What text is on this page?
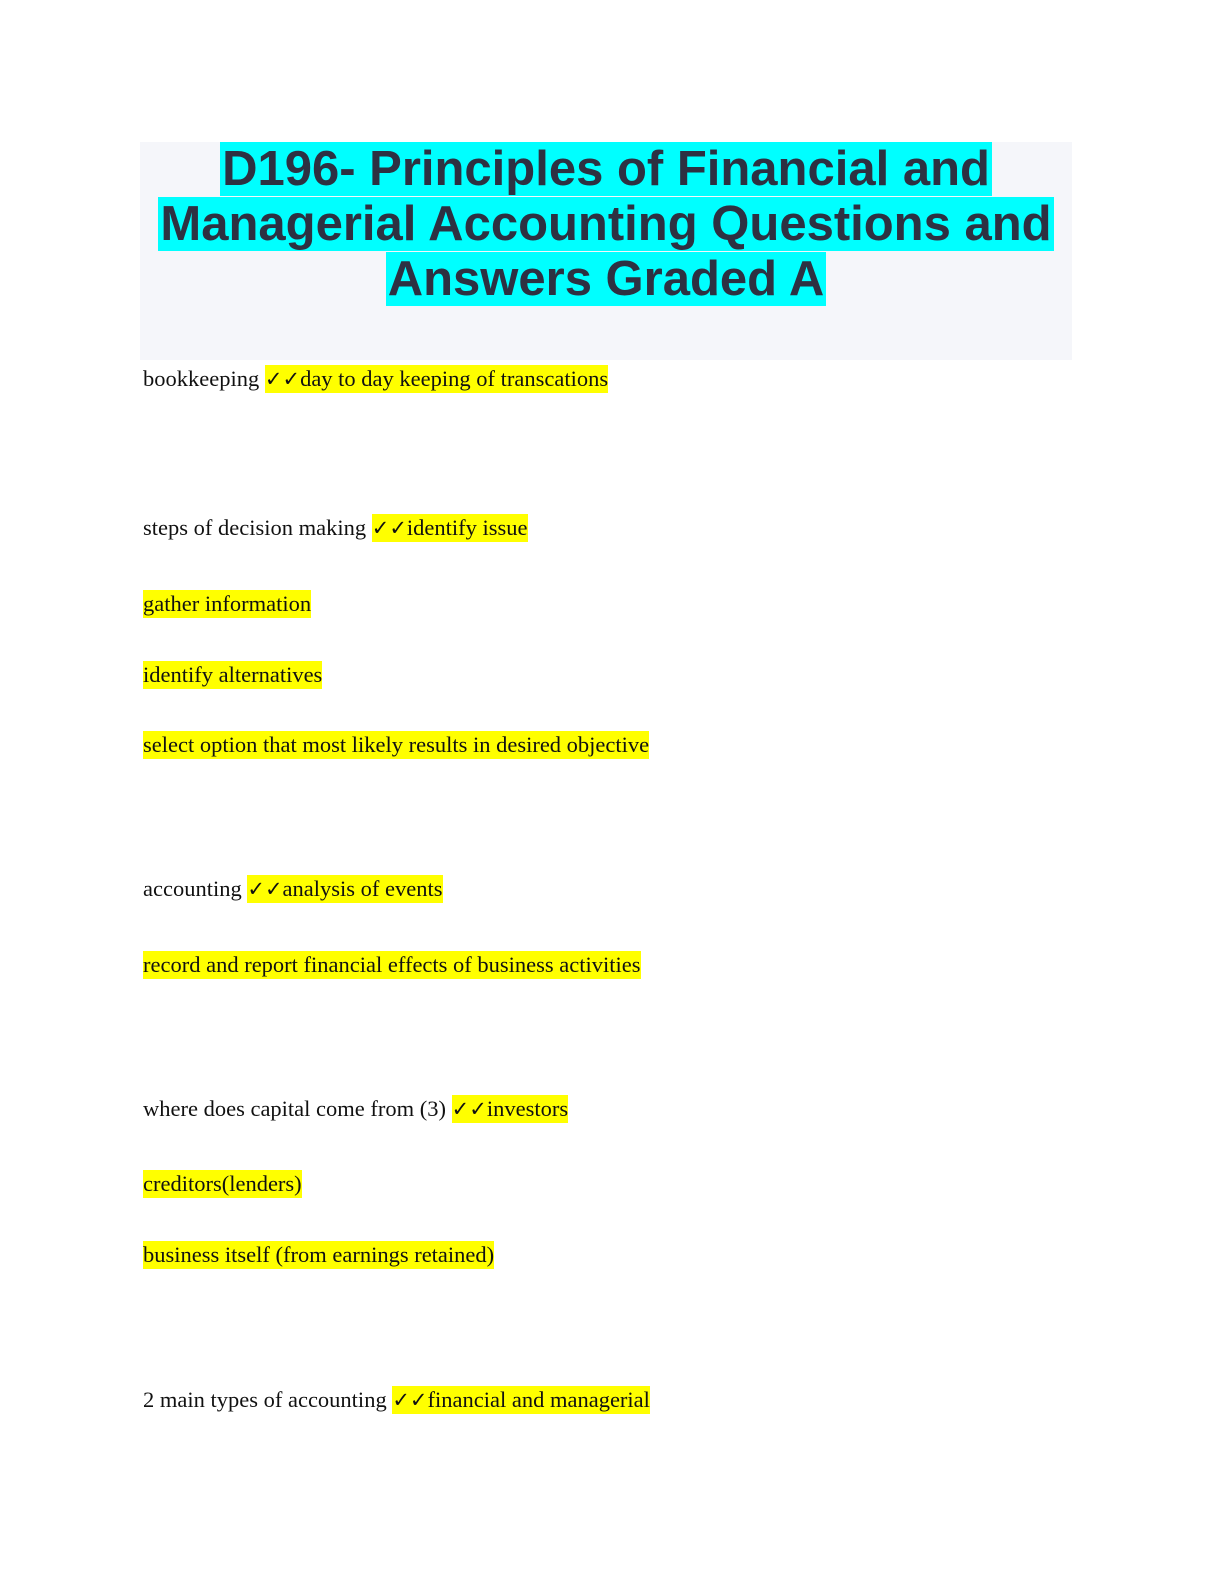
D196- Principles of Financial and
Managerial Accounting Questions and
Answers Graded A

bookkeeping ✓✓day to day keeping of transcations

steps of decision making ✓✓identify issue

gather information

identify alternatives

select option that most likely results in desired objective

accounting ✓✓analysis of events

record and report financial effects of business activities

where does capital come from (3) ✓✓investors

creditors(lenders)

business itself (from earnings retained)

2 main types of accounting ✓✓financial and managerial
